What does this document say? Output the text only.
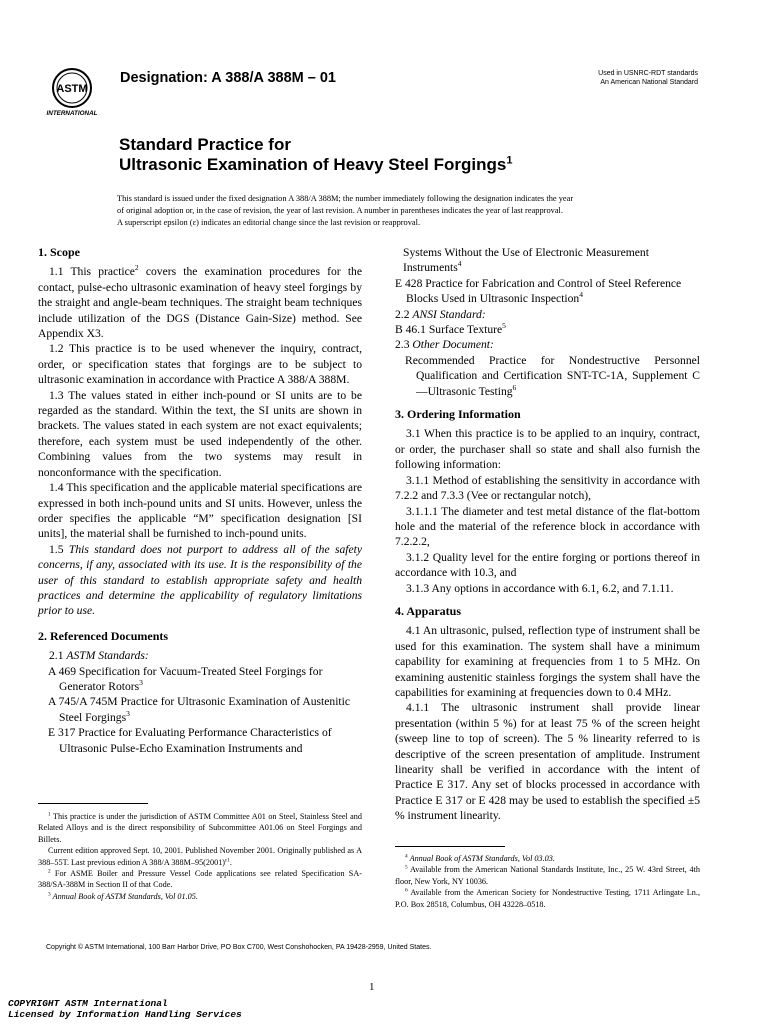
ASTM
INTERNATIONAL
Designation: A 388/A 388M – 01	Used in USNRC-RDT standards
An American National Standard
Standard Practice for
Ultrasonic Examination of Heavy Steel Forgings$^1$
This standard is issued under the fixed designation A 388/A 388M; the number immediately following the designation indicates the year
of original adoption or, in the case of revision, the year of last revision. A number in parentheses indicates the year of last reapproval.
A superscript epsilon (ε) indicates an editorial change since the last revision or reapproval.
1. Scope

1.1 This practice$^2$ covers the examination procedures for the contact, pulse-echo ultrasonic examination of heavy steel forgings by the straight and angle-beam techniques. The straight beam techniques include utilization of the DGS (Distance Gain-Size) method. See Appendix X3.

1.2 This practice is to be used whenever the inquiry, contract, order, or specification states that forgings are to be subject to ultrasonic examination in accordance with Practice A 388/A 388M.

1.3 The values stated in either inch-pound or SI units are to be regarded as the standard. Within the text, the SI units are shown in brackets. The values stated in each system are not exact equivalents; therefore, each system must be used independently of the other. Combining values from the two systems may result in nonconformance with the specification.

1.4 This specification and the applicable material specifications are expressed in both inch-pound units and SI units. However, unless the order specifies the applicable “M” specification designation [SI units], the material shall be furnished to inch-pound units.

1.5 This standard does not purport to address all of the safety concerns, if any, associated with its use. It is the responsibility of the user of this standard to establish appropriate safety and health practices and determine the applicability of regulatory limitations prior to use.

2. Referenced Documents

2.1 ASTM Standards:

A 469 Specification for Vacuum-Treated Steel Forgings for Generator Rotors$^3$

A 745/A 745M Practice for Ultrasonic Examination of Austenitic Steel Forgings$^3$

E 317 Practice for Evaluating Performance Characteristics of Ultrasonic Pulse-Echo Examination Instruments and

$^1$ This practice is under the jurisdiction of ASTM Committee A01 on Steel, Stainless Steel and Related Alloys and is the direct responsibility of Subcommittee A01.06 on Steel Forgings and Billets.

Current edition approved Sept. 10, 2001. Published November 2001. Originally published as A 388–55T. Last previous edition A 388/A $388M-95(2001)^{\varepsilon 1}$.

$^2$ For ASME Boiler and Pressure Vessel Code applications see related Specification SA-388/SA-388M in Section II of that Code.

$^3$ Annual Book of ASTM Standards, Vol 01.05.

Systems Without the Use of Electronic Measurement Instruments$^4$

E 428 Practice for Fabrication and Control of Steel Reference Blocks Used in Ultrasonic Inspection$^4$

2.2 ANSI Standard:

B 46.1 Surface Texture$^5$

2.3 Other Document:

Recommended Practice for Nondestructive Personnel Qualification and Certification SNT-TC-1A, Supplement C—Ultrasonic Testing$^6$

3. Ordering Information

3.1 When this practice is to be applied to an inquiry, contract, or order, the purchaser shall so state and shall also furnish the following information:

3.1.1 Method of establishing the sensitivity in accordance with 7.2.2 and 7.3.3 (Vee or rectangular notch),

3.1.1.1 The diameter and test metal distance of the flat-bottom hole and the material of the reference block in accordance with 7.2.2.2,

3.1.2 Quality level for the entire forging or portions thereof in accordance with 10.3, and

3.1.3 Any options in accordance with 6.1, 6.2, and 7.1.11.

4. Apparatus

4.1 An ultrasonic, pulsed, reflection type of instrument shall be used for this examination. The system shall have a minimum capability for examining at frequencies from 1 to 5 MHz. On examining austenitic stainless forgings the system shall have the capabilities for examining at frequencies down to 0.4 MHz.

4.1.1 The ultrasonic instrument shall provide linear presentation (within 5 %) for at least 75 % of the screen height (sweep line to top of screen). The 5 % linearity referred to is descriptive of the screen presentation of amplitude. Instrument linearity shall be verified in accordance with the intent of Practice E 317. Any set of blocks processed in accordance with Practice E 317 or E 428 may be used to establish the specified ±5 % instrument linearity.

$^4$ Annual Book of ASTM Standards, Vol 03.03.

$^5$ Available from the American National Standards Institute, Inc., 25 W. 43rd Street, 4th floor, New York, NY 10036.

$^6$ Available from the American Society for Nondestructive Testing, 1711 Arlingate Ln., P.O. Box 28518, Columbus, OH 43228–0518.

Copyright © ASTM International, 100 Barr Harbor Drive, PO Box C700, West Conshohocken, PA 19428-2959, United States.
1
COPYRIGHT ASTM International
Licensed by Information Handling Services
